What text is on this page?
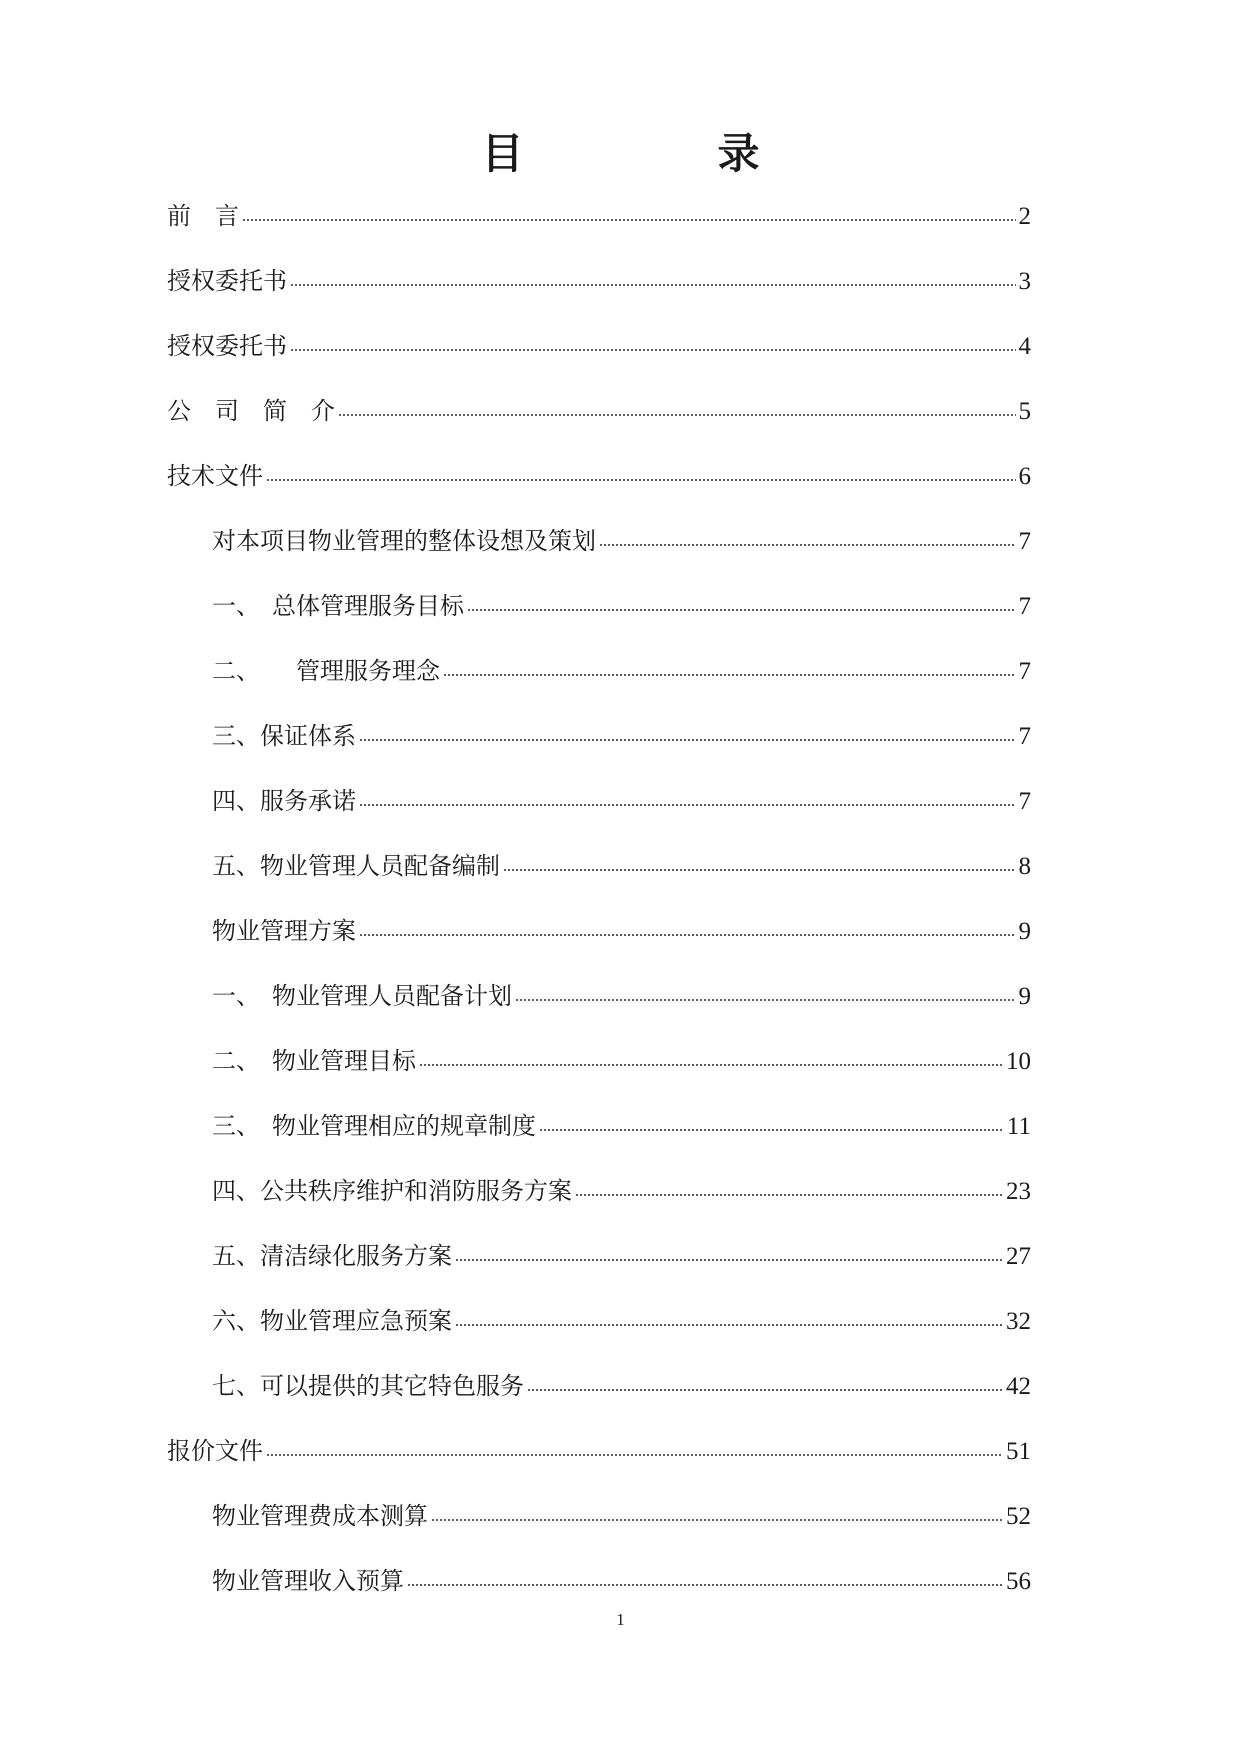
目　录
前　言	2
授权委托书	3
授权委托书	4
公　司　简　介	5
技术文件	6
对本项目物业管理的整体设想及策划	7
一、　总体管理服务目标	7
二、　　管理服务理念	7
三、保证体系	7
四、服务承诺	7
五、物业管理人员配备编制	8
物业管理方案	9
一、　物业管理人员配备计划	9
二、　物业管理目标	10
三、　物业管理相应的规章制度	11
四、公共秩序维护和消防服务方案	23
五、清洁绿化服务方案	27
六、物业管理应急预案	32
七、可以提供的其它特色服务	42
报价文件	51
物业管理费成本测算	52
物业管理收入预算	56
1
